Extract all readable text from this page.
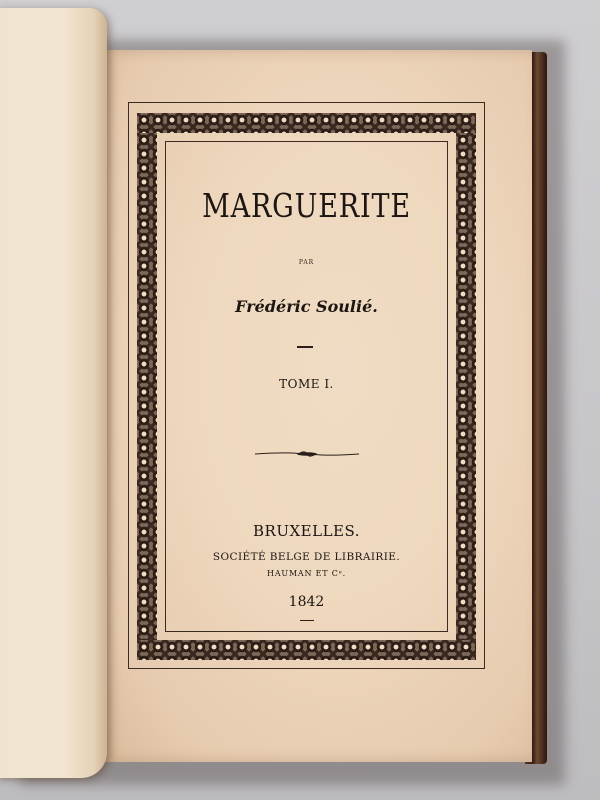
MARGUERITE
PAR
Frédéric Soulié.
TOME I.
BRUXELLES.
SOCIÉTÉ BELGE DE LIBRAIRIE.
HAUMAN ET Cᵉ.
1842
